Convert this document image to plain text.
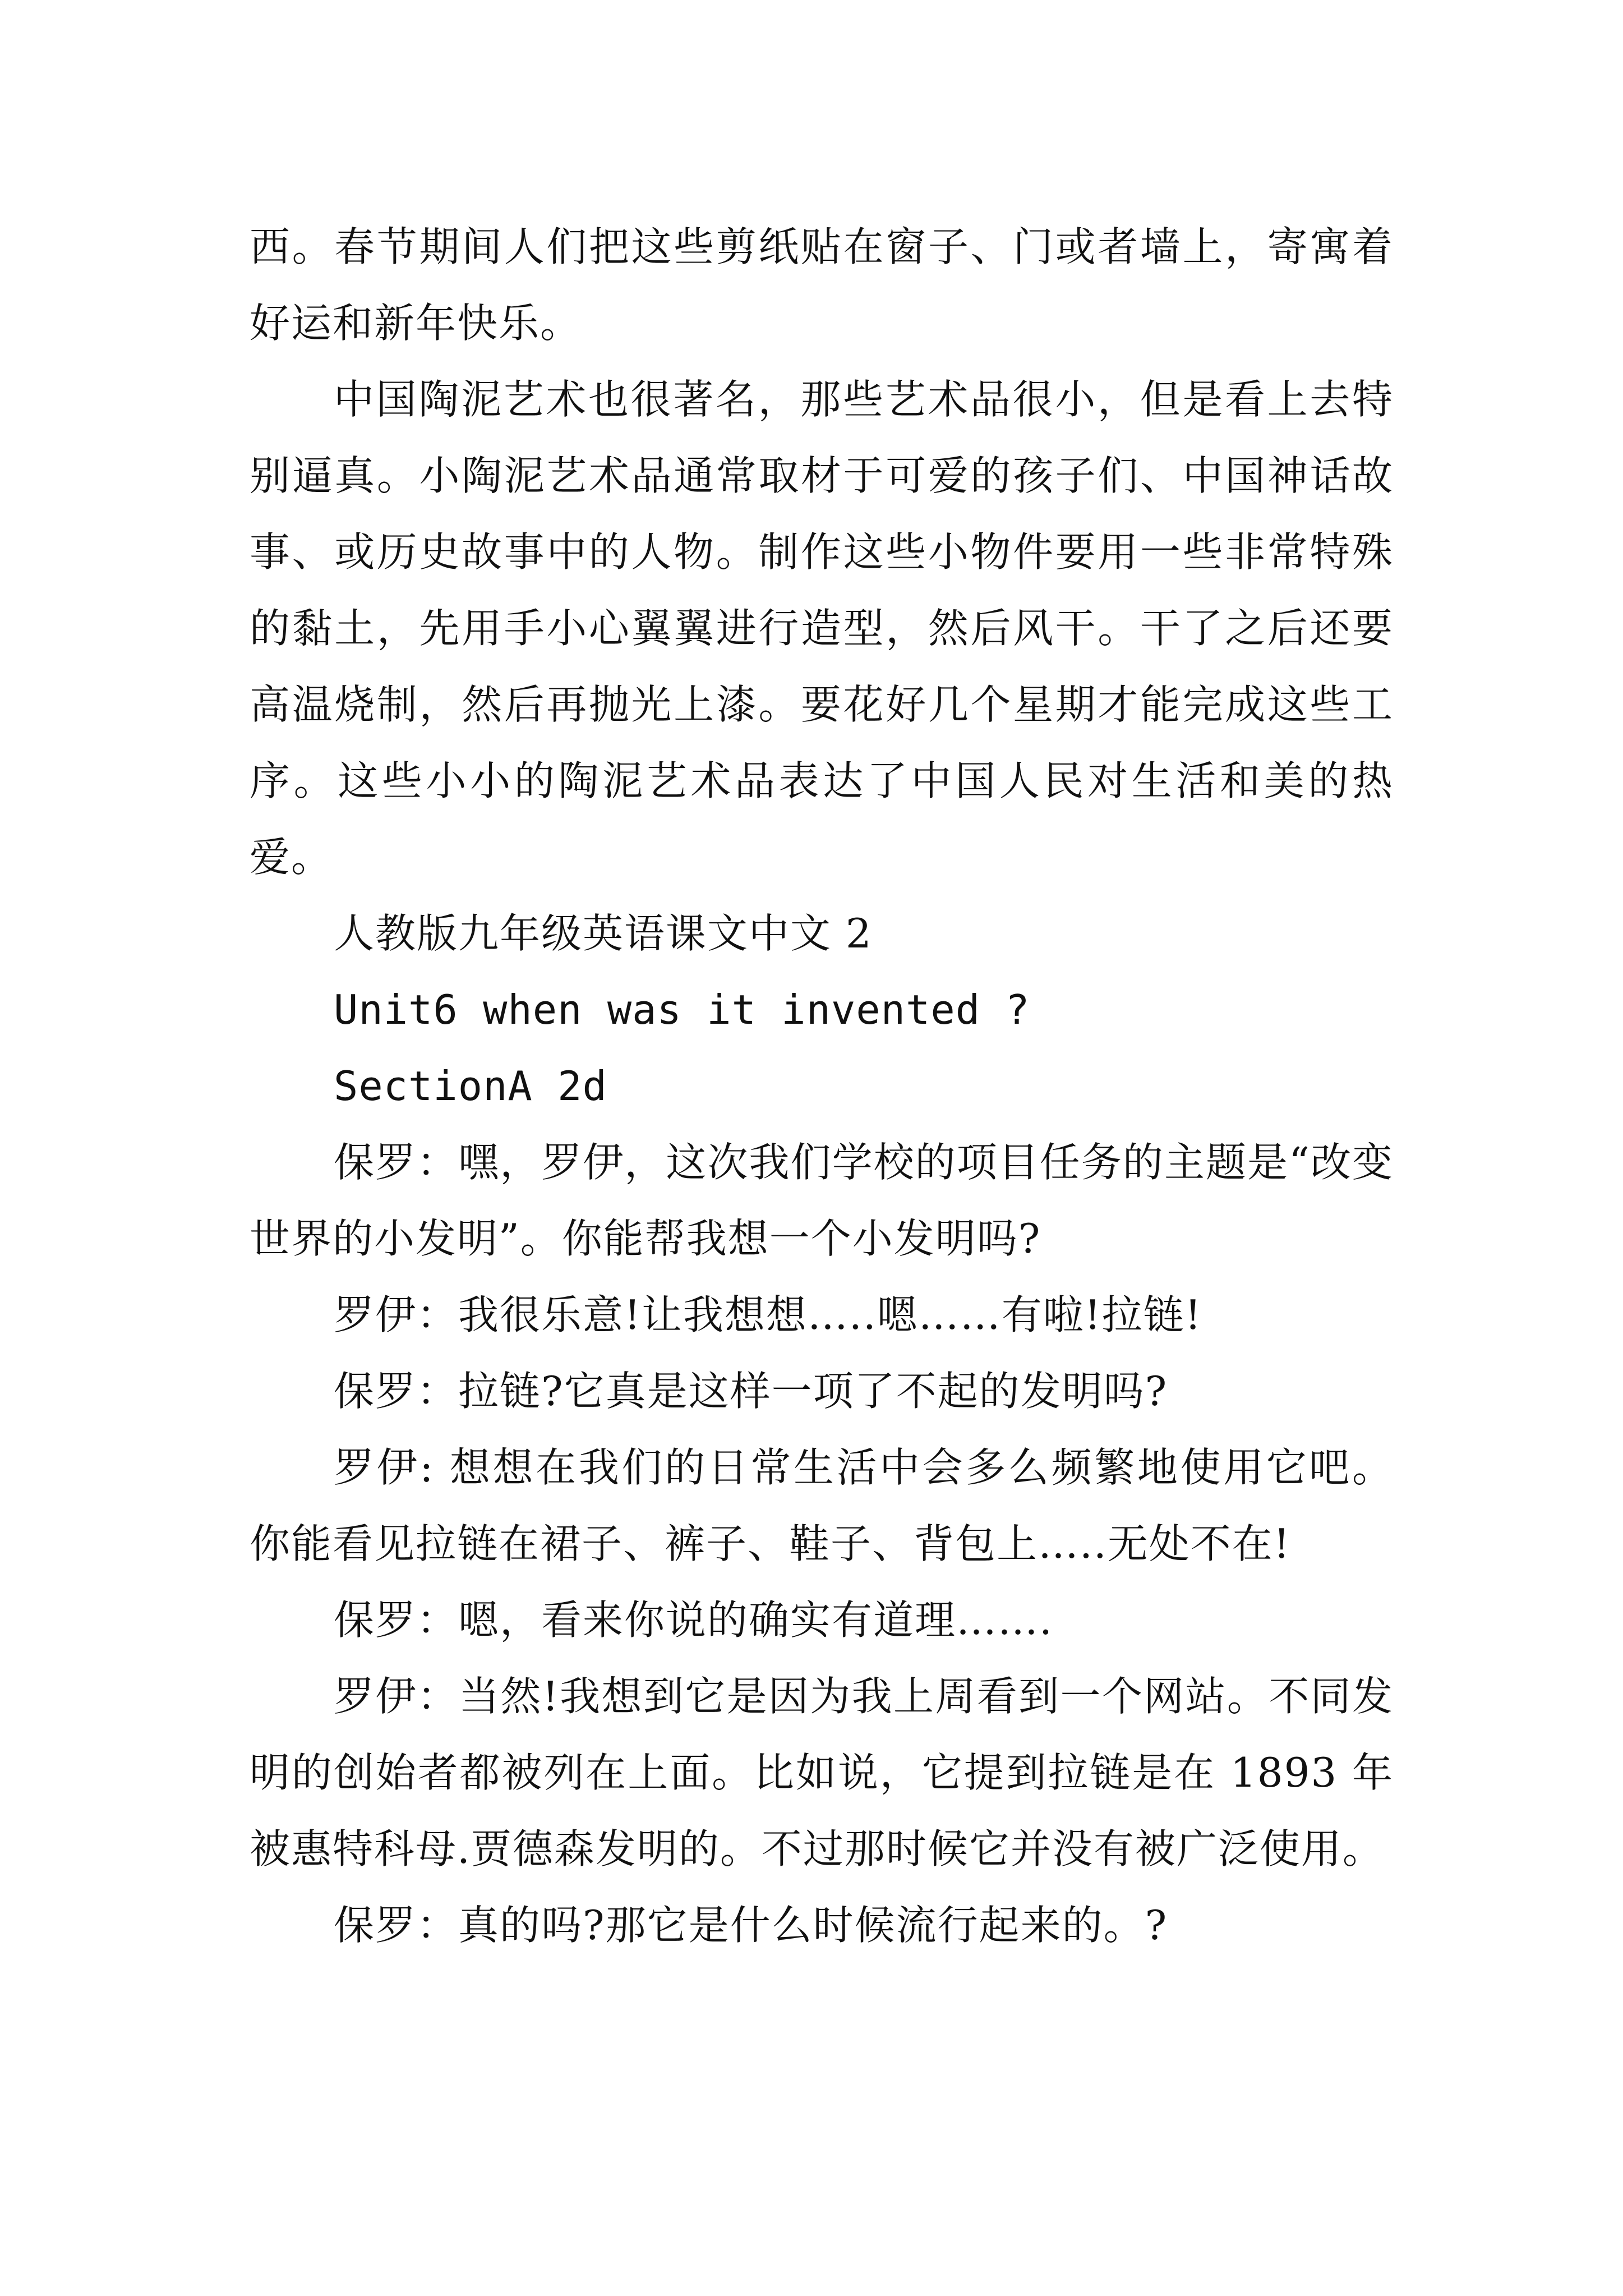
西。春节期间人们把这些剪纸贴在窗子、门或者墙上，寄寓着好运和新年快乐。

中国陶泥艺术也很著名，那些艺术品很小，但是看上去特别逼真。小陶泥艺术品通常取材于可爱的孩子们、中国神话故事、或历史故事中的人物。制作这些小物件要用一些非常特殊的黏土，先用手小心翼翼进行造型，然后风干。干了之后还要高温烧制，然后再抛光上漆。要花好几个星期才能完成这些工序。这些小小的陶泥艺术品表达了中国人民对生活和美的热爱。

人教版九年级英语课文中文 2

Unit6 when was it invented ?

SectionA 2d

保罗：嘿，罗伊，这次我们学校的项目任务的主题是“改变世界的小发明”。你能帮我想一个小发明吗?

罗伊：我很乐意!让我想想…..嗯……有啦!拉链!

保罗：拉链?它真是这样一项了不起的发明吗?

罗伊: 想想在我们的日常生活中会多么频繁地使用它吧。你能看见拉链在裙子、裤子、鞋子、背包上…..无处不在!

保罗：嗯，看来你说的确实有道理…….

罗伊：当然!我想到它是因为我上周看到一个网站。不同发明的创始者都被列在上面。比如说，它提到拉链是在 1893 年被惠特科母.贾德森发明的。不过那时候它并没有被广泛使用。

保罗：真的吗?那它是什么时候流行起来的。?
